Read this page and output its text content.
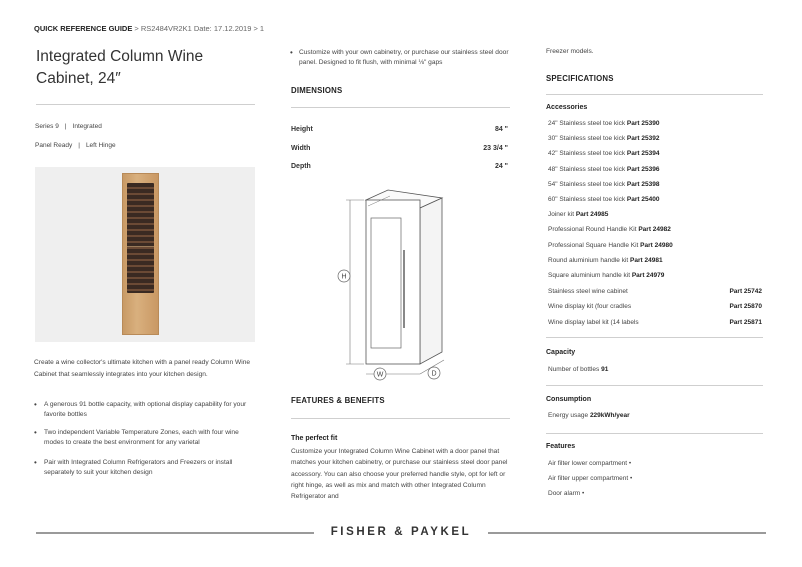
QUICK REFERENCE GUIDE > RS2484VR2K1 Date: 17.12.2019 > 1
Integrated Column Wine Cabinet, 24″
Series 9 | Integrated
Panel Ready | Left Hinge
Create a wine collector's ultimate kitchen with a panel ready Column Wine Cabinet that seamlessly integrates into your kitchen design.
•	A generous 91 bottle capacity, with optional display capability for your favorite bottles
•	Two independent Variable Temperature Zones, each with four wine modes to create the best environment for any varietal
•	Pair with Integrated Column Refrigerators and Freezers or install separately to suit your kitchen design
• Customize with your own cabinetry, or purchase our stainless steel door panel. Designed to fit flush, with minimal ⅛" gaps
DIMENSIONS
Height	84 "
Width	23 3/4 "
Depth	24 "
H
W	D
FEATURES & BENEFITS
The perfect fit
Customize your Integrated Column Wine Cabinet with a door panel that matches your kitchen cabinetry, or purchase our stainless steel door panel accessory. You can also choose your preferred handle style, opt for left or right hinge, as well as mix and match with other Integrated Column Refrigerator and
Freezer models.
SPECIFICATIONS
Accessories
24" Stainless steel toe kick Part 25390
30" Stainless steel toe kick Part 25392
42" Stainless steel toe kick Part 25394
48" Stainless steel toe kick Part 25396
54" Stainless steel toe kick Part 25398
60" Stainless steel toe kick Part 25400
Joiner kit Part 24985
Professional Round Handle Kit Part 24982
Professional Square Handle Kit Part 24980
Round aluminium handle kit Part 24981
Square aluminium handle kit Part 24979
Stainless steel wine cabinet	Part 25742
Wine display kit (four cradles	Part 25870
Wine display label kit (14 labels	Part 25871
Capacity
Number of bottles 91
Consumption
Energy usage 229kWh/year
Features
Air filter lower compartment •
Air filter upper compartment •
Door alarm •
FISHER & PAYKEL
